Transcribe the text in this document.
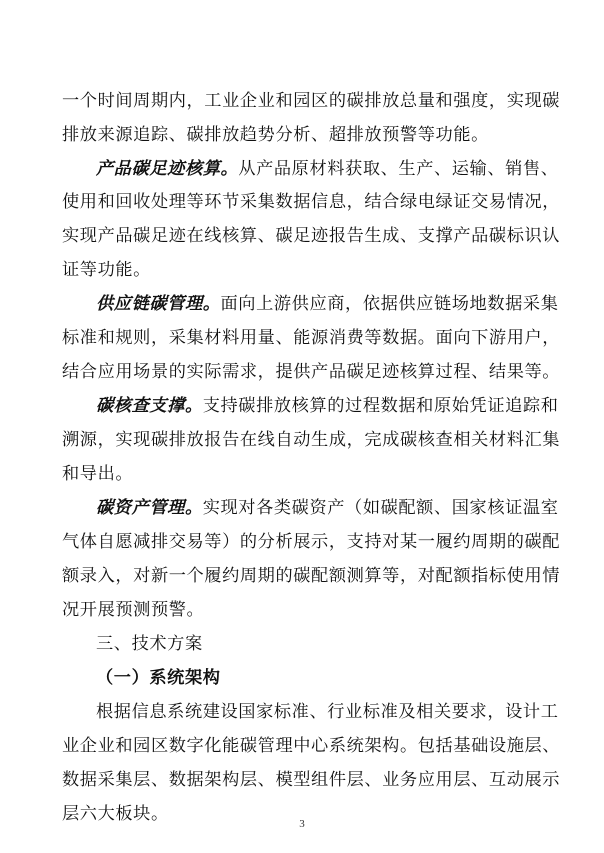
一个时间周期内，工业企业和园区的碳排放总量和强度，实现碳
排放来源追踪、碳排放趋势分析、超排放预警等功能。
产品碳足迹核算。从产品原材料获取、生产、运输、销售、
使用和回收处理等环节采集数据信息，结合绿电绿证交易情况，
实现产品碳足迹在线核算、碳足迹报告生成、支撑产品碳标识认
证等功能。
供应链碳管理。面向上游供应商，依据供应链场地数据采集
标准和规则，采集材料用量、能源消费等数据。面向下游用户，
结合应用场景的实际需求，提供产品碳足迹核算过程、结果等。
碳核查支撑。支持碳排放核算的过程数据和原始凭证追踪和
溯源，实现碳排放报告在线自动生成，完成碳核查相关材料汇集
和导出。
碳资产管理。实现对各类碳资产（如碳配额、国家核证温室
气体自愿减排交易等）的分析展示，支持对某一履约周期的碳配
额录入，对新一个履约周期的碳配额测算等，对配额指标使用情
况开展预测预警。
三、技术方案
（一）系统架构
根据信息系统建设国家标准、行业标准及相关要求，设计工
业企业和园区数字化能碳管理中心系统架构。包括基础设施层、
数据采集层、数据架构层、模型组件层、业务应用层、互动展示
层六大板块。	3
